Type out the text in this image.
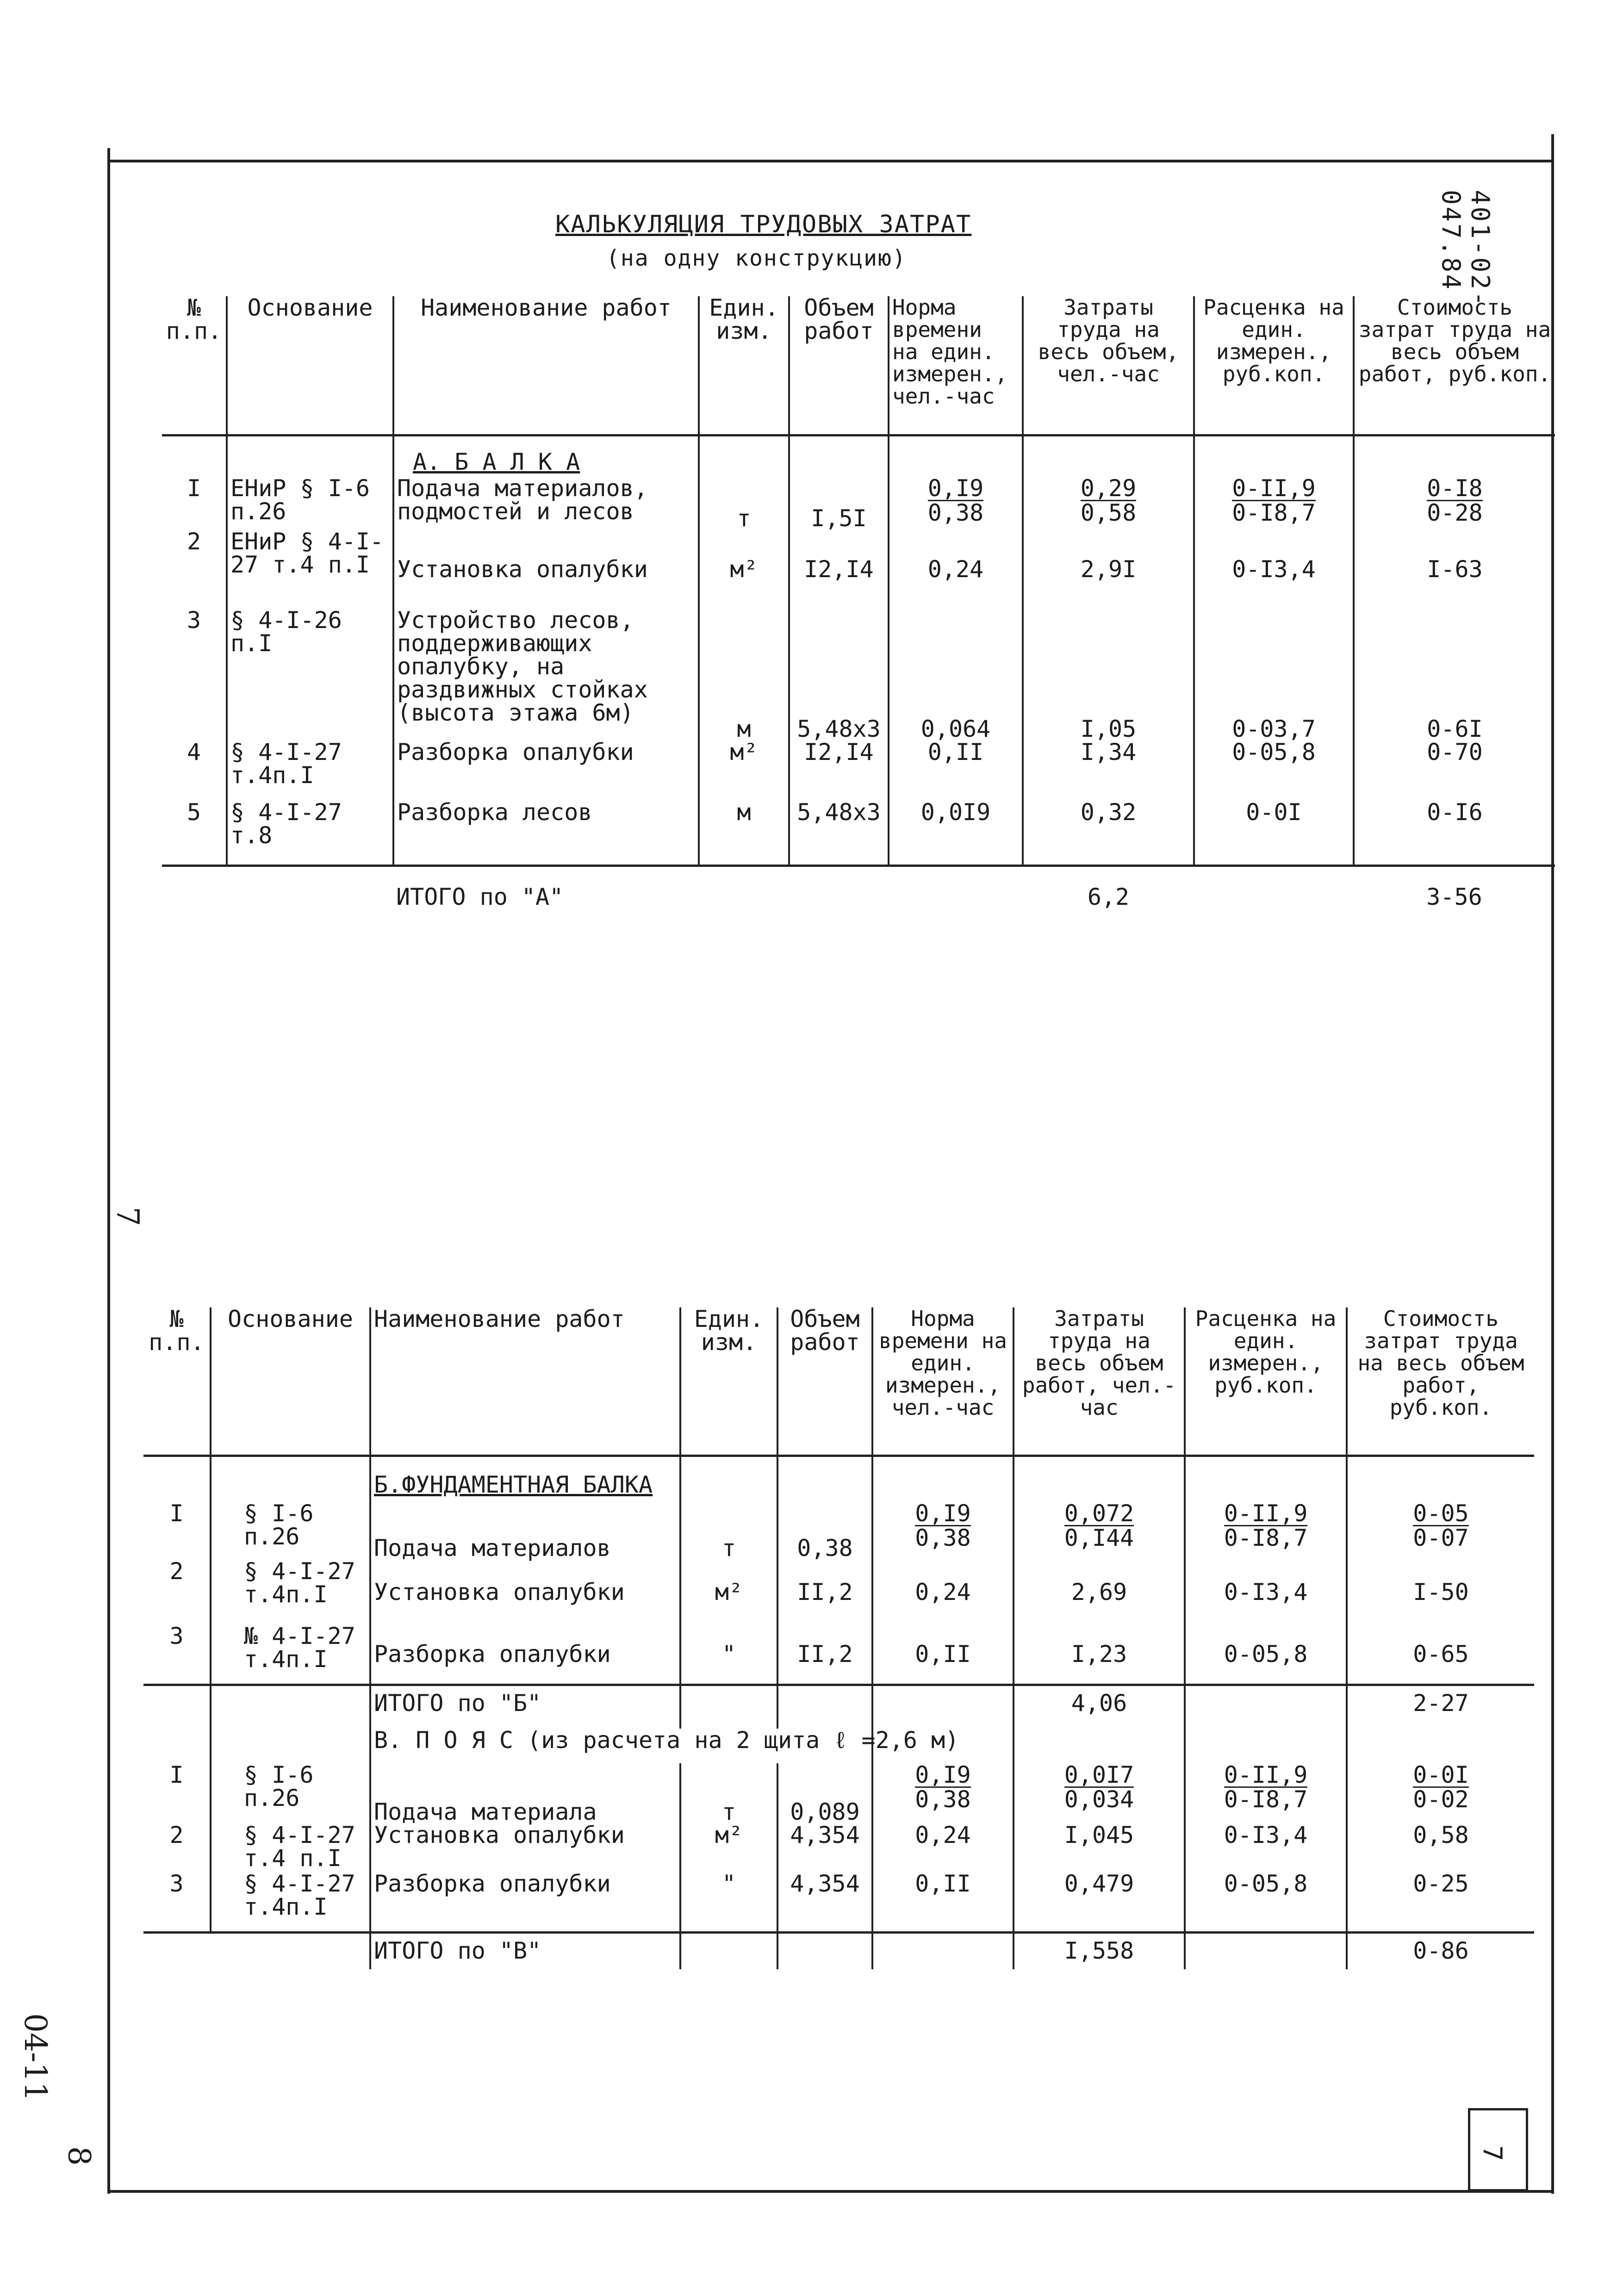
КАЛЬКУЛЯЦИЯ ТРУДОВЫХ ЗАТРАТ
(на одну конструкцию)	401-02-047.84
7
04-11
8
№ п.п.	Основание	Наименование работ	Един. изм.	Объем работ	Норма времени на един. измерен., чел.-час	Затраты труда на весь объем, чел.-час	Расценка на един. измерен., руб.коп.	Стоимость затрат труда на весь объем работ, руб.коп.
		А. Б А Л К А						
I	ЕНиР § I-6 п.26	Подача материалов, подмостей и лесов	т	I,5I	$\frac{0,I9}{0,38}$	$\frac{0,29}{0,58}$	$\frac{0-II,9}{0-I8,7}$	$\frac{0-I8}{0-28}$

2	ЕНиР § 4-I-27 т.4 п.I	Установка опалубки	м²	I2,I4	0,24	2,9I	0-I3,4	I-63
3	§ 4-I-26 п.I	Устройство лесов, поддерживающих опалубку, на раздвижных стойках (высота этажа 6м)	м	5,48x3	0,064	I,05	0-03,7	0-6I
4	§ 4-I-27 т.4п.I	Разборка опалубки	м²	I2,I4	0,II	I,34	0-05,8	0-70
5	§ 4-I-27 т.8	Разборка лесов	м	5,48x3	0,0I9	0,32	0-0I	0-I6
		ИТОГО по "А"				6,2		3-56
№ п.п.	Основание	Наименование работ	Един. изм.	Объем работ	Норма времени на един. измерен., чел.-час	Затраты труда на весь объем работ, чел.-час	Расценка на един. измерен., руб.коп.	Стоимость затрат труда на весь объем работ, руб.коп.
		Б.ФУНДАМЕНТНАЯ БАЛКА						
I	§ I-6 п.26	Подача материалов	т	0,38	$\frac{0,I9}{0,38}$	$\frac{0,072}{0,I44}$	$\frac{0-II,9}{0-I8,7}$	$\frac{0-05}{0-07}$

2	§ 4-I-27 т.4п.I	Установка опалубки	м²	II,2	0,24	2,69	0-I3,4	I-50
3	№ 4-I-27 т.4п.I	Разборка опалубки	"	II,2	0,II	I,23	0-05,8	0-65
		ИТОГО по "Б"				4,06		2-27
		В. П О Я С (из расчета на 2 щита ℓ =2,6 м)						
I	§ I-6 п.26	Подача материала	т	0,089	$\frac{0,I9}{0,38}$	$\frac{0,0I7}{0,034}$	$\frac{0-II,9}{0-I8,7}$	$\frac{0-0I}{0-02}$

2	§ 4-I-27 т.4 п.I	Установка опалубки	м²	4,354	0,24	I,045	0-I3,4	0,58
3	§ 4-I-27 т.4п.I	Разборка опалубки	"	4,354	0,II	0,479	0-05,8	0-25
		ИТОГО по "В"				I,558		0-86
7
